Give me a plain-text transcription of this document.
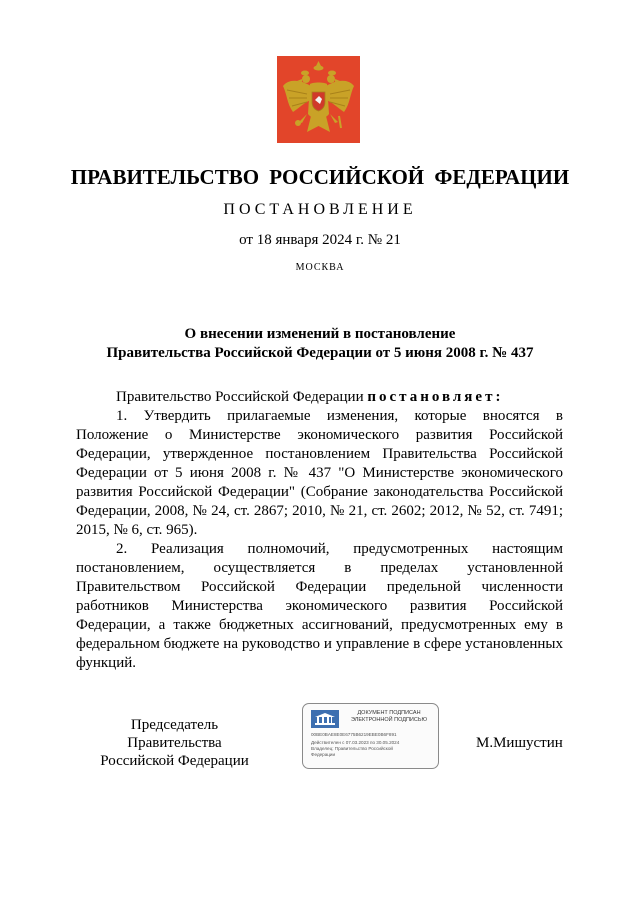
ПРАВИТЕЛЬСТВО РОССИЙСКОЙ ФЕДЕРАЦИИ
ПОСТАНОВЛЕНИЕ
от 18 января 2024 г. № 21
МОСКВА
О внесении изменений в постановление
Правительства Российской Федерации от 5 июня 2008 г. № 437

Правительство Российской Федерации постановляет:

1. Утвердить прилагаемые изменения, которые вносятся в Положение о Министерстве экономического развития Российской Федерации, утвержденное постановлением Правительства Российской Федерации от 5 июня 2008 г. № 437 "О Министерстве экономического развития Российской Федерации" (Собрание законодательства Российской Федерации, 2008, № 24, ст. 2867; 2010, № 21, ст. 2602; 2012, № 52, ст. 7491; 2015, № 6, ст. 965).

2. Реализация полномочий, предусмотренных настоящим постановлением, осуществляется в пределах установленной Правительством Российской Федерации предельной численности работников Министерства экономического развития Российской Федерации, а также бюджетных ассигнований, предусмотренных ему в федеральном бюджете на руководство и управление в сфере установленных функций.

Председатель Правительства
Российской Федерации
ДОКУМЕНТ ПОДПИСАН
ЭЛЕКТРОННОЙ ПОДПИСЬЮ
00BE0BAE8E0E6775B6219EBE0B6F891
Действителен с 07.03.2023 по 30.05.2024
Владелец: Правительство Российской
Федерации
М.Мишустин
